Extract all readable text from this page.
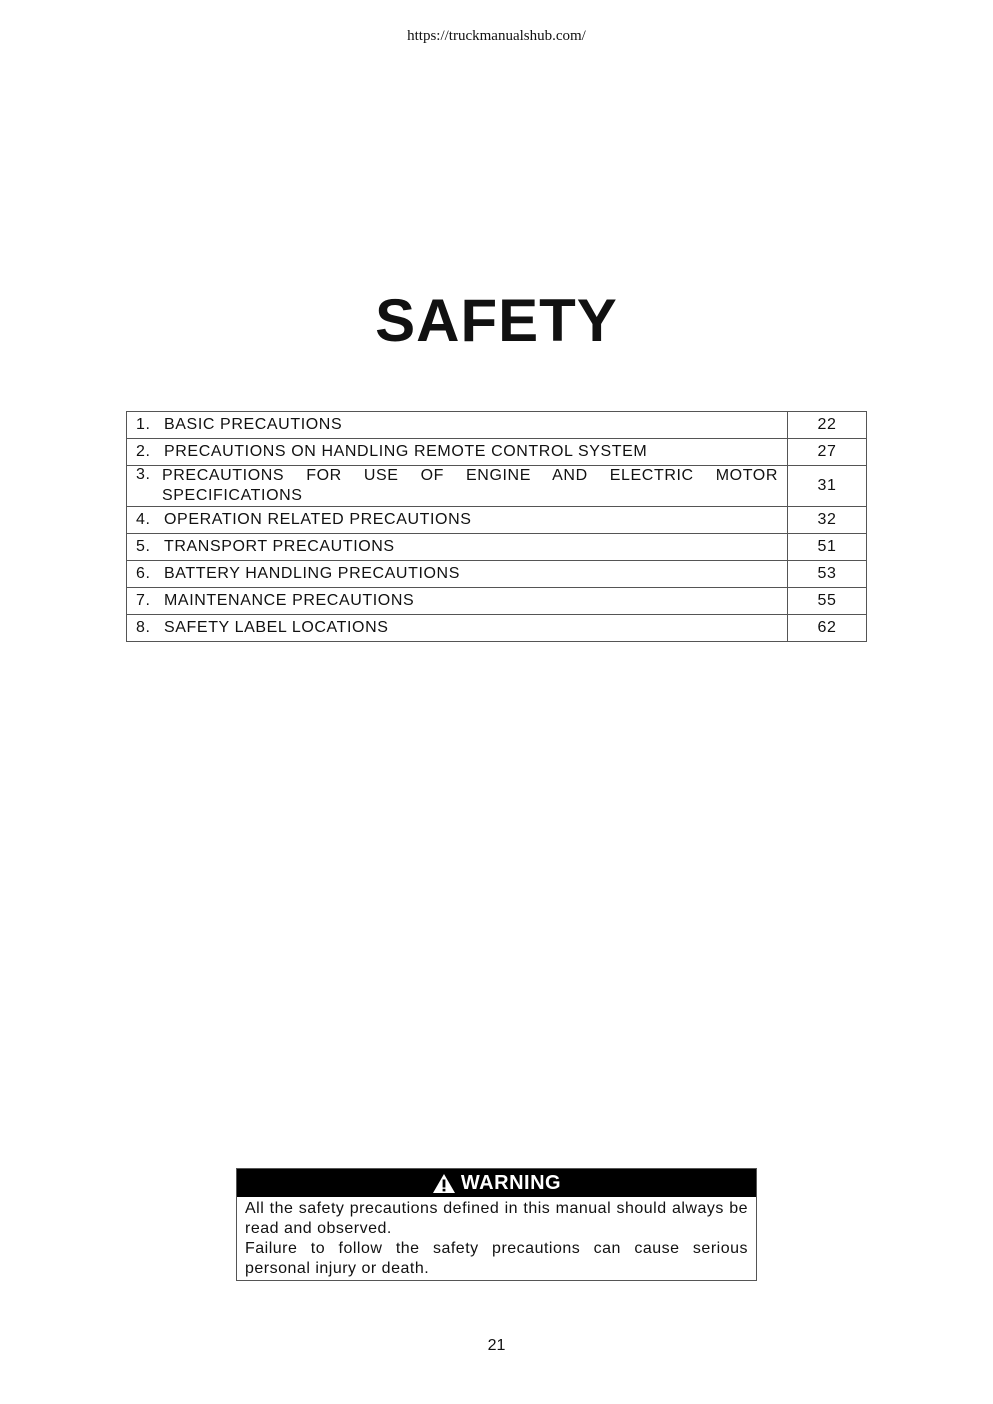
https://truckmanualshub.com/
SAFETY
1. BASIC PRECAUTIONS	22

2. PRECAUTIONS ON HANDLING REMOTE CONTROL SYSTEM	27

3. PRECAUTIONS FOR USE OF ENGINE AND ELECTRIC MOTOR SPECIFICATIONS	31

4. OPERATION RELATED PRECAUTIONS	32

5. TRANSPORT PRECAUTIONS	51

6. BATTERY HANDLING PRECAUTIONS	53

7. MAINTENANCE PRECAUTIONS	55

8. SAFETY LABEL LOCATIONS	62
WARNING

All the safety precautions defined in this manual should always be read and observed.

Failure to follow the safety precautions can cause serious personal injury or death.

21
